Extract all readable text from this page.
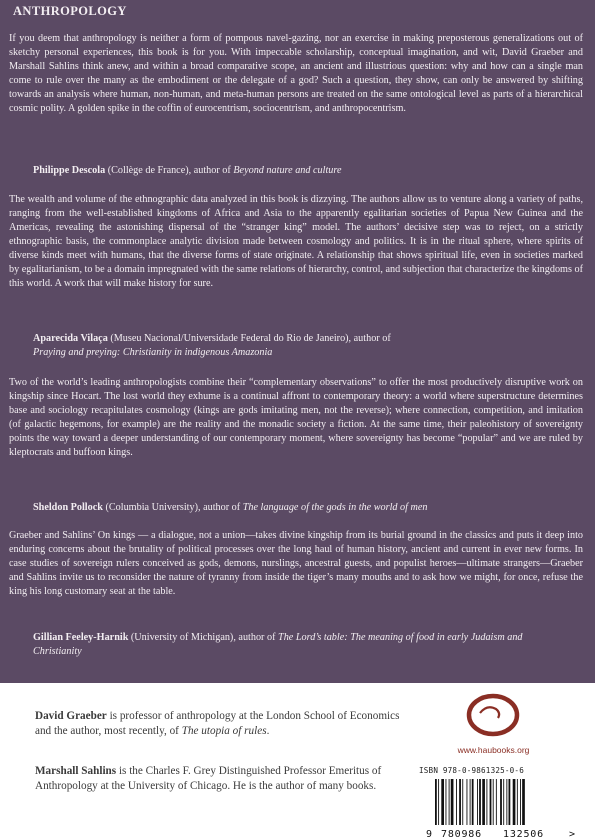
ANTHROPOLOGY
If you deem that anthropology is neither a form of pompous navel-gazing, nor an exercise in making preposterous generalizations out of sketchy personal experiences, this book is for you. With impeccable scholarship, conceptual imagination, and wit, David Graeber and Marshall Sahlins think anew, and within a broad comparative scope, an ancient and illustrious question: why and how can a single man come to rule over the many as the embodiment or the delegate of a god? Such a question, they show, can only be answered by shifting towards an analysis where human, non-human, and meta-human persons are treated on the same ontological level as parts of a hierarchical cosmic polity. A golden spike in the coffin of eurocentrism, sociocentrism, and anthropocentrism.
Philippe Descola (Collège de France), author of Beyond nature and culture
The wealth and volume of the ethnographic data analyzed in this book is dizzying. The authors allow us to venture along a variety of paths, ranging from the well-established kingdoms of Africa and Asia to the apparently egalitarian societies of Papua New Guinea and the Americas, revealing the astonishing dispersal of the “stranger king” model. The authors’ decisive step was to reject, on a strictly ethnographic basis, the commonplace analytic division made between cosmology and politics. It is in the ritual sphere, where spirits of diverse kinds meet with humans, that the diverse forms of state originate. A relationship that shows spiritual life, even in societies marked by egalitarianism, to be a domain impregnated with the same relations of hierarchy, control, and subjection that characterize the kingdoms of this world. A work that will make history for sure.
Aparecida Vilaça (Museu Nacional/Universidade Federal do Rio de Janeiro), author of
Praying and preying: Christianity in indigenous Amazonia
Two of the world’s leading anthropologists combine their “complementary observations” to offer the most productively disruptive work on kingship since Hocart. The lost world they exhume is a continual affront to contemporary theory: a world where superstructure determines base and sociology recapitulates cosmology (kings are gods imitating men, not the reverse); where connection, competition, and imitation (of galactic hegemons, for example) are the reality and the monadic society a fiction. At the same time, their paleohistory of sovereignty points the way toward a deeper understanding of our contemporary moment, where sovereignty has become “popular” and we are ruled by kleptocrats and buffoon kings.
Sheldon Pollock (Columbia University), author of The language of the gods in the world of men
Graeber and Sahlins’ On kings — a dialogue, not a union—takes divine kingship from its burial ground in the classics and puts it deep into enduring concerns about the brutality of political processes over the long haul of human history, ancient and current in ever new forms. In case studies of sovereign rulers conceived as gods, demons, nurslings, ancestral guests, and populist heroes—ultimate strangers—Graeber and Sahlins invite us to reconsider the nature of tyranny from inside the tiger’s many mouths and to ask how we might, for once, refuse the king his long customary seat at the table.
Gillian Feeley-Harnik (University of Michigan), author of The Lord’s table: The meaning of food in early Judaism and Christianity
David Graeber is professor of anthropology at the London School of Economics and the author, most recently, of The utopia of rules.
Marshall Sahlins is the Charles F. Grey Distinguished Professor Emeritus of Anthropology at the University of Chicago. He is the author of many books.
www.haubooks.org
ISBN 978-0-9861325-0-6
9 780986 132506	>
